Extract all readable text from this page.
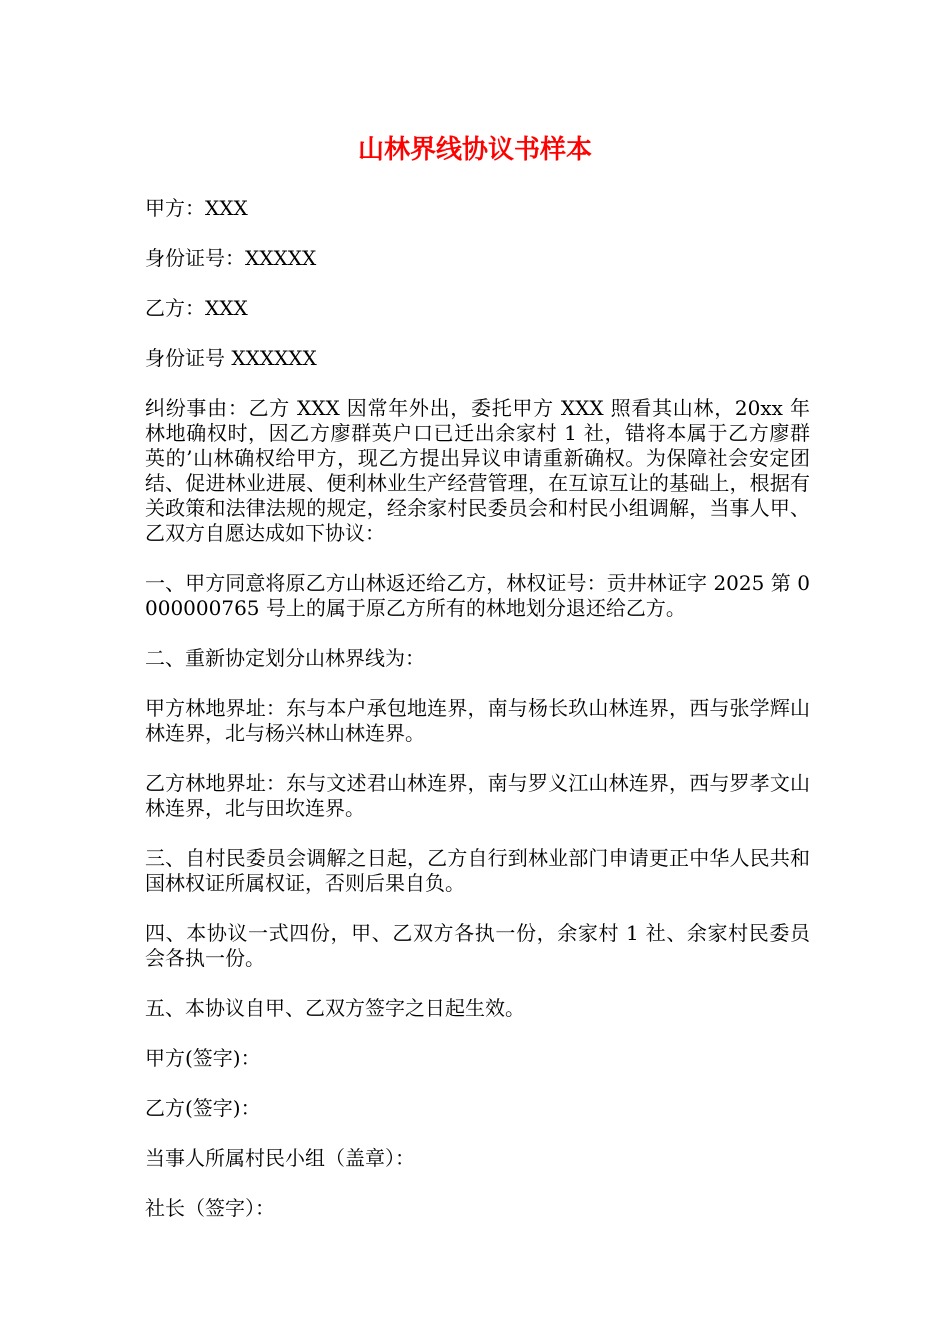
山林界线协议书样本

甲方：XXX

身份证号：XXXXX

乙方：XXX

身份证号 XXXXXX

纠纷事由：乙方 XXX 因常年外出，委托甲方 XXX 照看其山林，20xx 年林地确权时，因乙方廖群英户口已迁出余家村 1 社，错将本属于乙方廖群英的’山林确权给甲方，现乙方提出异议申请重新确权。为保障社会安定团结、促进林业进展、便利林业生产经营管理，在互谅互让的基础上，根据有关政策和法律法规的规定，经余家村民委员会和村民小组调解，当事人甲、乙双方自愿达成如下协议：

一、甲方同意将原乙方山林返还给乙方，林权证号：贡井林证字 2025 第 0000000765 号上的属于原乙方所有的林地划分退还给乙方。

二、重新协定划分山林界线为：

甲方林地界址：东与本户承包地连界，南与杨长玖山林连界，西与张学辉山林连界，北与杨兴林山林连界。

乙方林地界址：东与文述君山林连界，南与罗义江山林连界，西与罗孝文山林连界，北与田坎连界。

三、自村民委员会调解之日起，乙方自行到林业部门申请更正中华人民共和国林权证所属权证，否则后果自负。

四、本协议一式四份，甲、乙双方各执一份，余家村 1 社、余家村民委员会各执一份。

五、本协议自甲、乙双方签字之日起生效。

甲方(签字)：

乙方(签字)：

当事人所属村民小组（盖章）：

社长（签字）：
